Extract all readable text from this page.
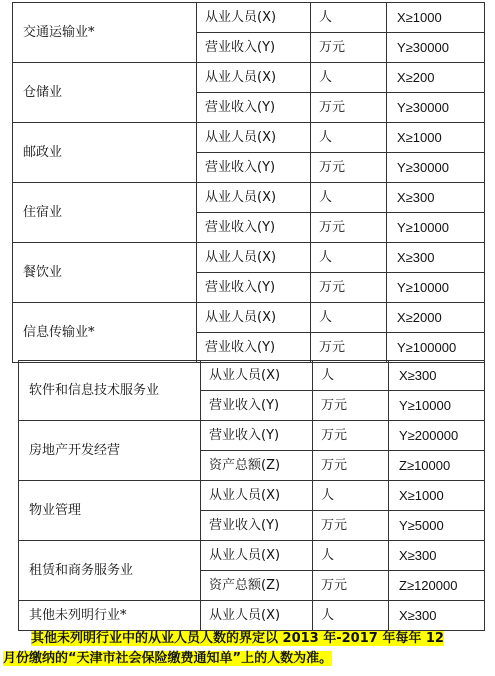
交通运输业*	从业人员(X)	人	X≥1000
	营业收入(Y)	万元	Y≥30000
仓储业	从业人员(X)	人	X≥200
	营业收入(Y)	万元	Y≥30000
邮政业	从业人员(X)	人	X≥1000
	营业收入(Y)	万元	Y≥30000
住宿业	从业人员(X)	人	X≥300
	营业收入(Y)	万元	Y≥10000
餐饮业	从业人员(X)	人	X≥300
	营业收入(Y)	万元	Y≥10000
信息传输业*	从业人员(X)	人	X≥2000
	营业收入(Y)	万元	Y≥100000
软件和信息技术服务业	从业人员(X)	人	X≥300
	营业收入(Y)	万元	Y≥10000
房地产开发经营	营业收入(Y)	万元	Y≥200000
	资产总额(Z)	万元	Z≥10000
物业管理	从业人员(X)	人	X≥1000
	营业收入(Y)	万元	Y≥5000
租赁和商务服务业	从业人员(X)	人	X≥300
	资产总额(Z)	万元	Z≥120000
其他未列明行业*	从业人员(X)	人	X≥300
其他未列明行业中的从业人员人数的界定以 2013 年-2017 年每年 12
月份缴纳的“天津市社会保险缴费通知单”上的人数为准。
